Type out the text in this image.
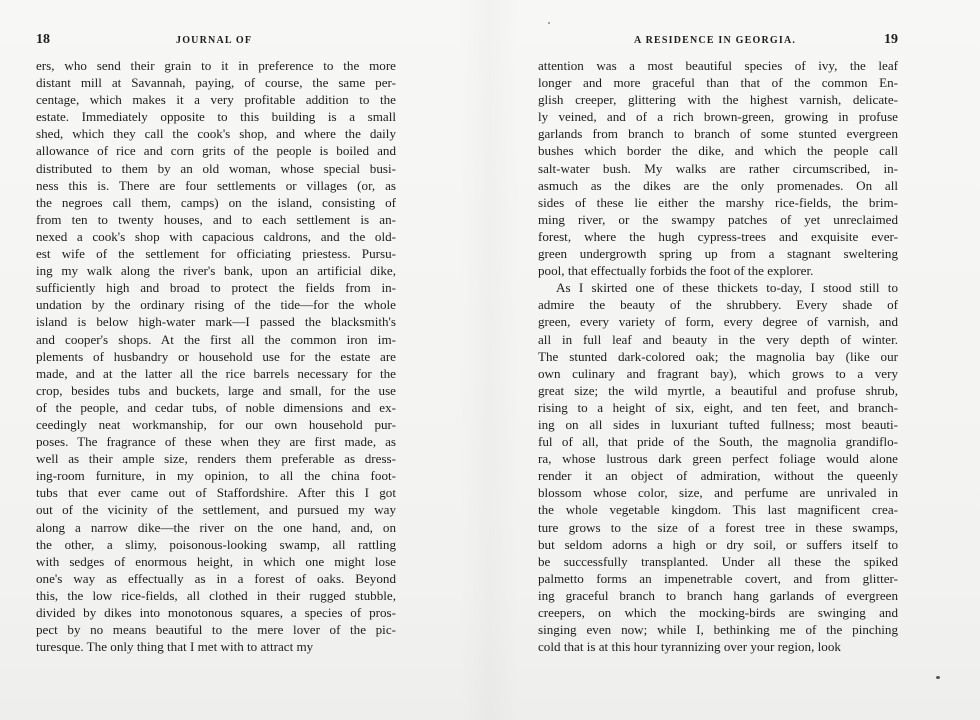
18	JOURNAL OF
ers, who send their grain to it in preference to the more
distant mill at Savannah, paying, of course, the same per-
centage, which makes it a very profitable addition to the
estate. Immediately opposite to this building is a small
shed, which they call the cook's shop, and where the daily
allowance of rice and corn grits of the people is boiled and
distributed to them by an old woman, whose special busi-
ness this is. There are four settlements or villages (or, as
the negroes call them, camps) on the island, consisting of
from ten to twenty houses, and to each settlement is an-
nexed a cook's shop with capacious caldrons, and the old-
est wife of the settlement for officiating priestess. Pursu-
ing my walk along the river's bank, upon an artificial dike,
sufficiently high and broad to protect the fields from in-
undation by the ordinary rising of the tide—for the whole
island is below high-water mark—I passed the blacksmith's
and cooper's shops. At the first all the common iron im-
plements of husbandry or household use for the estate are
made, and at the latter all the rice barrels necessary for the
crop, besides tubs and buckets, large and small, for the use
of the people, and cedar tubs, of noble dimensions and ex-
ceedingly neat workmanship, for our own household pur-
poses. The fragrance of these when they are first made, as
well as their ample size, renders them preferable as dress-
ing-room furniture, in my opinion, to all the china foot-
tubs that ever came out of Staffordshire. After this I got
out of the vicinity of the settlement, and pursued my way
along a narrow dike—the river on the one hand, and, on
the other, a slimy, poisonous-looking swamp, all rattling
with sedges of enormous height, in which one might lose
one's way as effectually as in a forest of oaks. Beyond
this, the low rice-fields, all clothed in their rugged stubble,
divided by dikes into monotonous squares, a species of pros-
pect by no means beautiful to the mere lover of the pic-
turesque. The only thing that I met with to attract my
A RESIDENCE IN GEORGIA.	19
attention was a most beautiful species of ivy, the leaf
longer and more graceful than that of the common En-
glish creeper, glittering with the highest varnish, delicate-
ly veined, and of a rich brown-green, growing in profuse
garlands from branch to branch of some stunted evergreen
bushes which border the dike, and which the people call
salt-water bush. My walks are rather circumscribed, in-
asmuch as the dikes are the only promenades. On all
sides of these lie either the marshy rice-fields, the brim-
ming river, or the swampy patches of yet unreclaimed
forest, where the hugh cypress-trees and exquisite ever-
green undergrowth spring up from a stagnant sweltering
pool, that effectually forbids the foot of the explorer.
As I skirted one of these thickets to-day, I stood still to
admire the beauty of the shrubbery. Every shade of
green, every variety of form, every degree of varnish, and
all in full leaf and beauty in the very depth of winter.
The stunted dark-colored oak; the magnolia bay (like our
own culinary and fragrant bay), which grows to a very
great size; the wild myrtle, a beautiful and profuse shrub,
rising to a height of six, eight, and ten feet, and branch-
ing on all sides in luxuriant tufted fullness; most beauti-
ful of all, that pride of the South, the magnolia grandiflo-
ra, whose lustrous dark green perfect foliage would alone
render it an object of admiration, without the queenly
blossom whose color, size, and perfume are unrivaled in
the whole vegetable kingdom. This last magnificent crea-
ture grows to the size of a forest tree in these swamps,
but seldom adorns a high or dry soil, or suffers itself to
be successfully transplanted. Under all these the spiked
palmetto forms an impenetrable covert, and from glitter-
ing graceful branch to branch hang garlands of evergreen
creepers, on which the mocking-birds are swinging and
singing even now; while I, bethinking me of the pinching
cold that is at this hour tyrannizing over your region, look
